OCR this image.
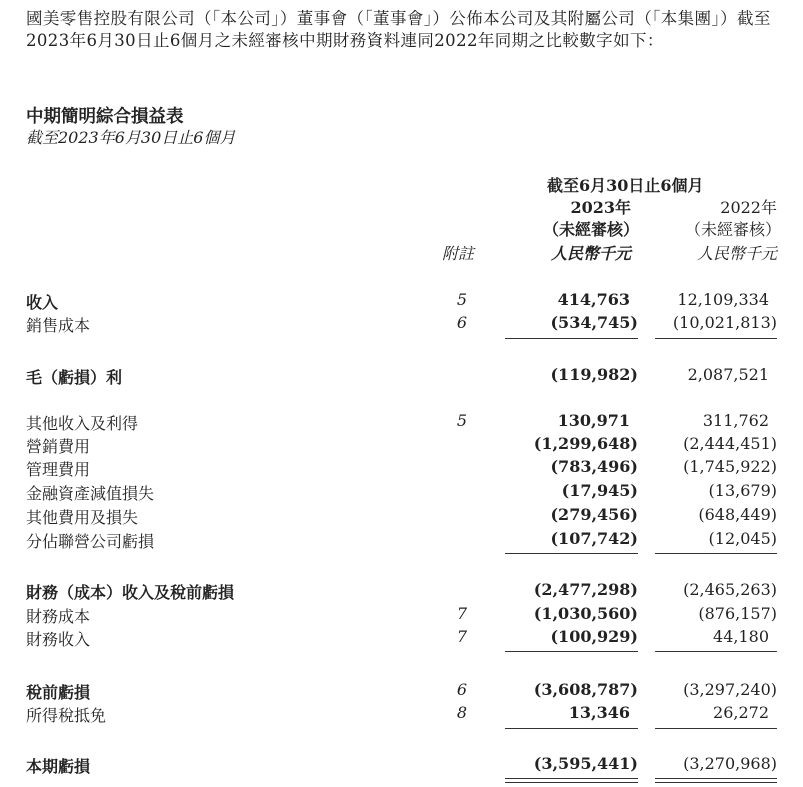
國美零售控股有限公司（「本公司」）董事會（「董事會」）公佈本公司及其附屬公司（「本集團」）截至2023年6月30日止6個月之未經審核中期財務資料連同2022年同期之比較數字如下：
中期簡明綜合損益表
截至2023年6月30日止6個月
截至6月30日止6個月
2023年	2022年
（未經審核）	（未經審核）
附註	人民幣千元	人民幣千元
收入	5	414,763	12,109,334
銷售成本	6	(534,745) (10,021,813)
毛（虧損）利	(119,982)	2,087,521
其他收入及利得	5	130,971	311,762
營銷費用	(1,299,648)	(2,444,451)
管理費用	(783,496)	(1,745,922)
金融資產減值損失	(17,945)	(13,679)
其他費用及損失	(279,456)	(648,449)
分佔聯營公司虧損	(107,742)	(12,045)
財務（成本）收入及稅前虧損	(2,477,298)	(2,465,263)
財務成本	7	(1,030,560)	(876,157)
財務收入	7	(100,929)	44,180
稅前虧損	6	(3,608,787)	(3,297,240)
所得稅抵免	8	13,346	26,272
本期虧損	(3,595,441)	(3,270,968)
